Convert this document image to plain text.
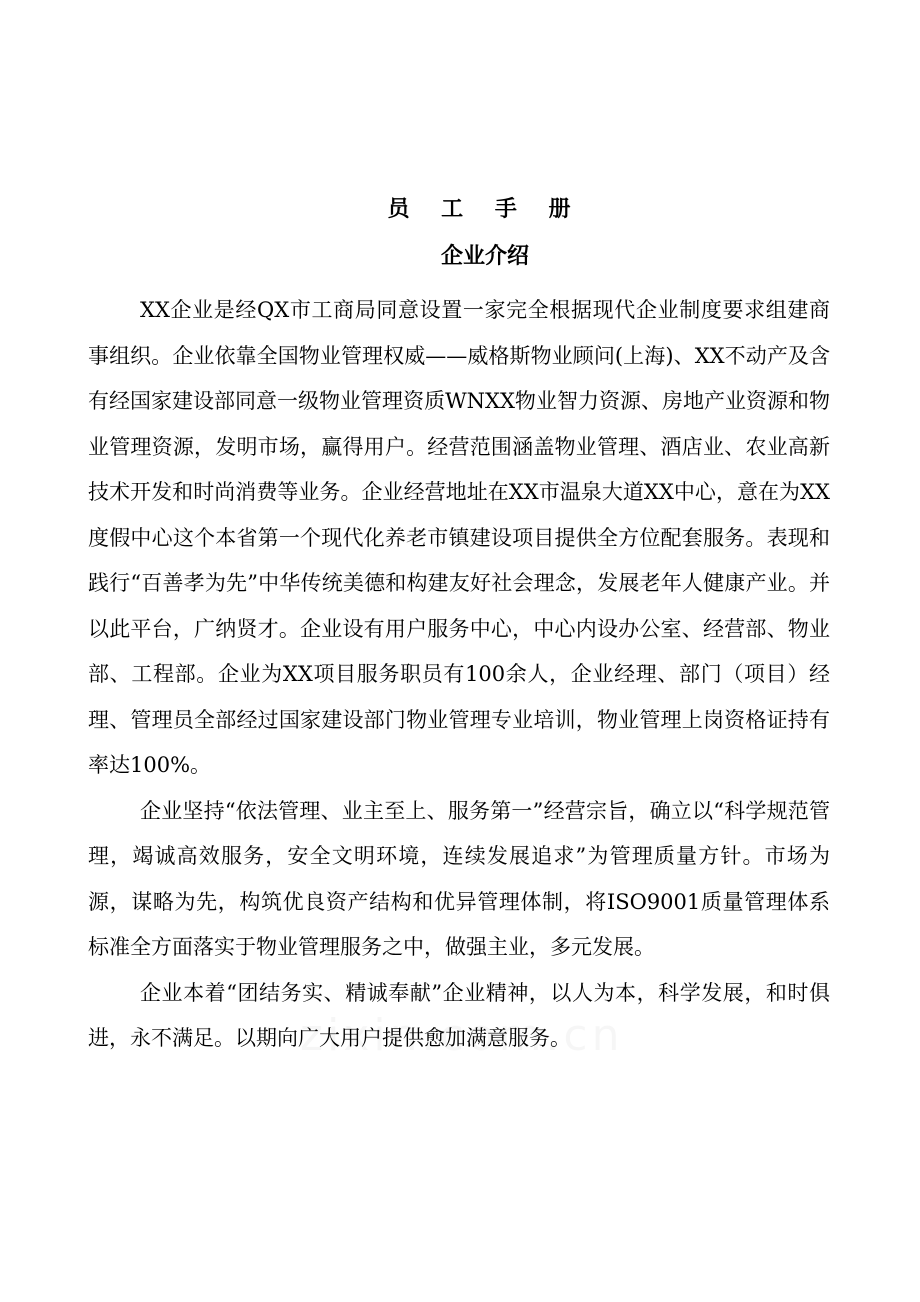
员 工 手 册
企业介绍

XX企业是经QX市工商局同意设置一家完全根据现代企业制度要求组建商事组织。企业依靠全国物业管理权威——威格斯物业顾问(上海)、XX不动产及含有经国家建设部同意一级物业管理资质WNXX物业智力资源、房地产业资源和物业管理资源，发明市场，赢得用户。经营范围涵盖物业管理、酒店业、农业高新技术开发和时尚消费等业务。企业经营地址在XX市温泉大道XX中心，意在为XX度假中心这个本省第一个现代化养老市镇建设项目提供全方位配套服务。表现和践行“百善孝为先”中华传统美德和构建友好社会理念，发展老年人健康产业。并以此平台，广纳贤才。企业设有用户服务中心，中心内设办公室、经营部、物业部、工程部。企业为XX项目服务职员有100余人，企业经理、部门（项目）经理、管理员全部经过国家建设部门物业管理专业培训，物业管理上岗资格证持有率达100%。

企业坚持“依法管理、业主至上、服务第一”经营宗旨，确立以“科学规范管理，竭诚高效服务，安全文明环境，连续发展追求”为管理质量方针。市场为源，谋略为先，构筑优良资产结构和优异管理体制，将ISO9001质量管理体系标准全方面落实于物业管理服务之中，做强主业，多元发展。

企业本着“团结务实、精诚奉献”企业精神，以人为本，科学发展，和时俱进，永不满足。以期向广大用户提供愈加满意服务。
